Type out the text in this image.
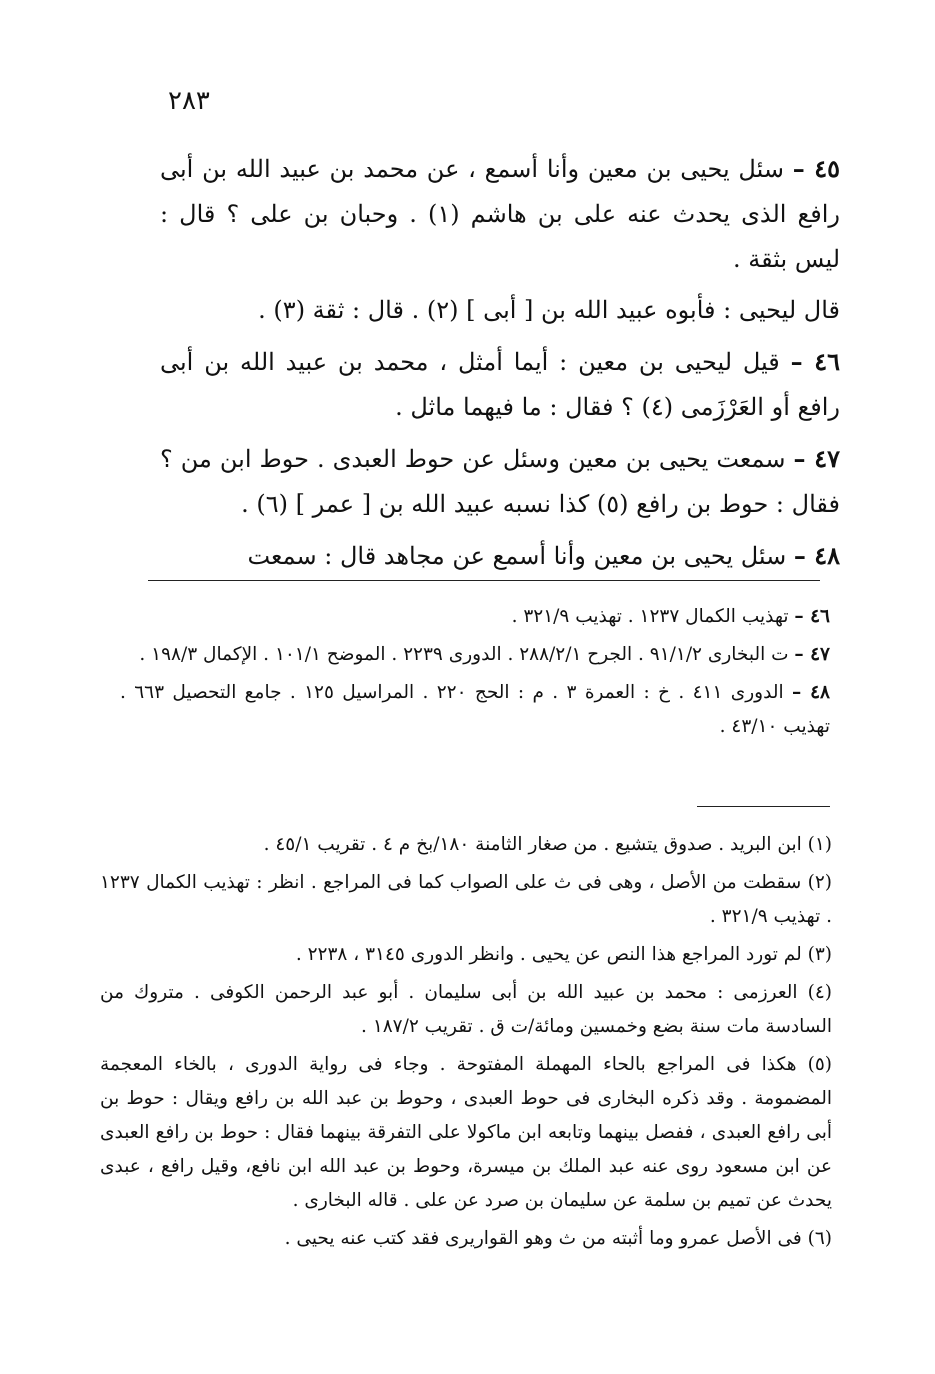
٢٨٣

٤٥ – سئل يحيى بن معين وأنا أسمع ، عن محمد بن عبيد الله بن أبى رافع الذى يحدث عنه على بن هاشم (١) . وحبان بن على ؟ قال : ليس بثقة .

قال ليحيى : فأبوه عبيد الله بن [ أبى ] (٢) . قال : ثقة (٣) .

٤٦ – قيل ليحيى بن معين : أيما أمثل ، محمد بن عبيد الله بن أبى رافع أو العَرْزَمى (٤) ؟ فقال : ما فيهما ماثل .

٤٧ – سمعت يحيى بن معين وسئل عن حوط العبدى . حوط ابن من ؟ فقال : حوط بن رافع (٥) كذا نسبه عبيد الله بن [ عمر ] (٦) .

٤٨ – سئل يحيى بن معين وأنا أسمع عن مجاهد قال : سمعت

٤٦ – تهذيب الكمال ١٢٣٧ . تهذيب ٣٢١/٩ .

٤٧ – ت البخارى ٩١/١/٢ . الجرح ٢٨٨/٢/١ . الدورى ٢٢٣٩ . الموضح ١٠١/١ . الإكمال ١٩٨/٣ .

٤٨ – الدورى ٤١١ . خ : العمرة ٣ . م : الحج ٢٢٠ . المراسيل ١٢٥ . جامع التحصيل ٦٦٣ . تهذيب ٤٣/١٠ .

(١) ابن البريد . صدوق يتشيع . من صغار الثامنة ١٨٠/بخ م ٤ . تقريب ٤٥/١ .

(٢) سقطت من الأصل ، وهى فى ث على الصواب كما فى المراجع . انظر : تهذيب الكمال ١٢٣٧ . تهذيب ٣٢١/٩ .

(٣) لم تورد المراجع هذا النص عن يحيى . وانظر الدورى ٣١٤٥ ، ٢٢٣٨ .

(٤) العرزمى : محمد بن عبيد الله بن أبى سليمان . أبو عبد الرحمن الكوفى . متروك من السادسة مات سنة بضع وخمسين ومائة/ت ق . تقريب ١٨٧/٢ .

(٥) هكذا فى المراجع بالحاء المهملة المفتوحة . وجاء فى رواية الدورى ، بالخاء المعجمة المضمومة . وقد ذكره البخارى فى حوط العبدى ، وحوط بن عبد الله بن رافع ويقال : حوط بن أبى رافع العبدى ، ففصل بينهما وتابعه ابن ماكولا على التفرقة بينهما فقال : حوط بن رافع العبدى عن ابن مسعود روى عنه عبد الملك بن ميسرة، وحوط بن عبد الله ابن نافع، وقيل رافع ، عبدى يحدث عن تميم بن سلمة عن سليمان بن صرد عن على . قاله البخارى .

(٦) فى الأصل عمرو وما أثبته من ث وهو القواريرى فقد كتب عنه يحيى .
